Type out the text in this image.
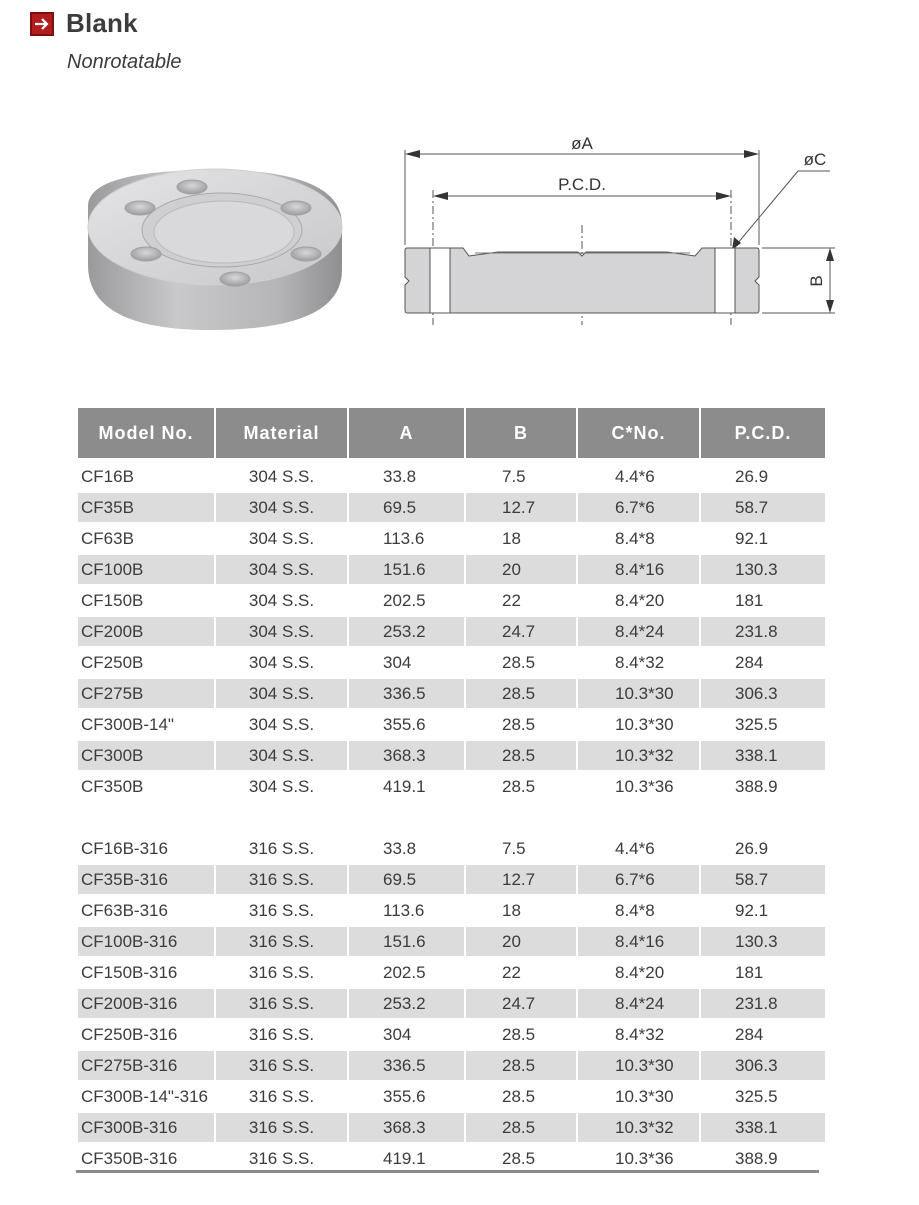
Blank
Nonrotatable
øA
P.C.D.
øC
B
Model No.	Material	A	B	C*No.	P.C.D.
CF16B	304 S.S.	33.8	7.5	4.4*6	26.9
CF35B	304 S.S.	69.5	12.7	6.7*6	58.7
CF63B	304 S.S.	113.6	18	8.4*8	92.1
CF100B	304 S.S.	151.6	20	8.4*16	130.3
CF150B	304 S.S.	202.5	22	8.4*20	181
CF200B	304 S.S.	253.2	24.7	8.4*24	231.8
CF250B	304 S.S.	304	28.5	8.4*32	284
CF275B	304 S.S.	336.5	28.5	10.3*30	306.3
CF300B-14"	304 S.S.	355.6	28.5	10.3*30	325.5
CF300B	304 S.S.	368.3	28.5	10.3*32	338.1
CF350B	304 S.S.	419.1	28.5	10.3*36	388.9

CF16B-316	316 S.S.	33.8	7.5	4.4*6	26.9
CF35B-316	316 S.S.	69.5	12.7	6.7*6	58.7
CF63B-316	316 S.S.	113.6	18	8.4*8	92.1
CF100B-316	316 S.S.	151.6	20	8.4*16	130.3
CF150B-316	316 S.S.	202.5	22	8.4*20	181
CF200B-316	316 S.S.	253.2	24.7	8.4*24	231.8
CF250B-316	316 S.S.	304	28.5	8.4*32	284
CF275B-316	316 S.S.	336.5	28.5	10.3*30	306.3
CF300B-14"-316	316 S.S.	355.6	28.5	10.3*30	325.5
CF300B-316	316 S.S.	368.3	28.5	10.3*32	338.1
CF350B-316	316 S.S.	419.1	28.5	10.3*36	388.9
